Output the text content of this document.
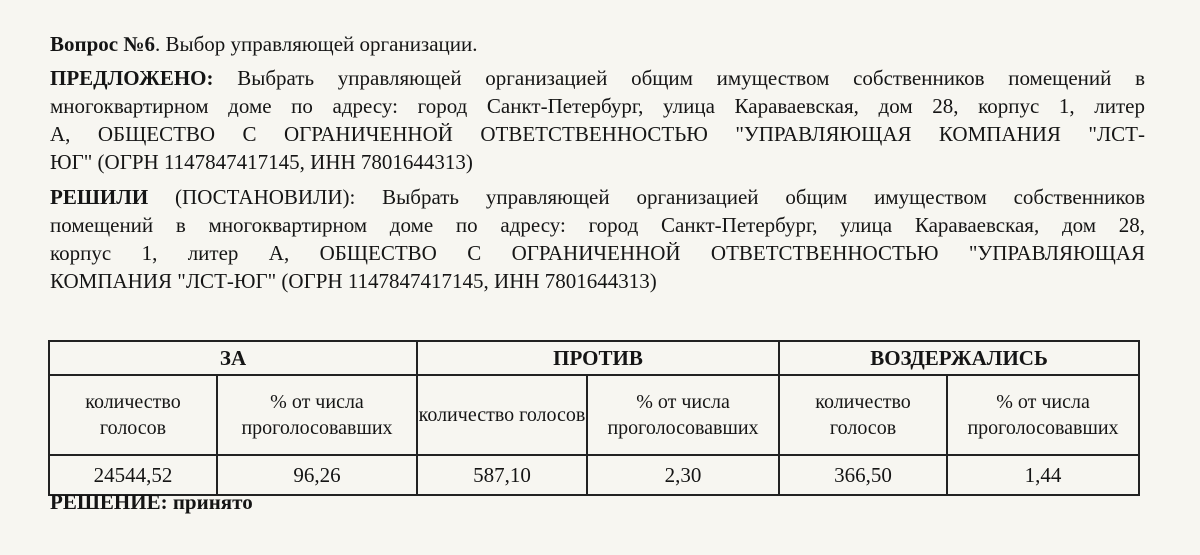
Вопрос №6. Выбор управляющей организации.

ПРЕДЛОЖЕНО: Выбрать управляющей организацией общим имуществом собственников помещений в

многоквартирном доме по адресу: город Санкт-Петербург, улица Караваевская, дом 28, корпус 1, литер

А, ОБЩЕСТВО С ОГРАНИЧЕННОЙ ОТВЕТСТВЕННОСТЬЮ "УПРАВЛЯЮЩАЯ КОМПАНИЯ "ЛСТ-

ЮГ" (ОГРН 1147847417145, ИНН 7801644313)

РЕШИЛИ (ПОСТАНОВИЛИ): Выбрать управляющей организацией общим имуществом собственников

помещений в многоквартирном доме по адресу: город Санкт-Петербург, улица Караваевская, дом 28,

корпус 1, литер А, ОБЩЕСТВО С ОГРАНИЧЕННОЙ ОТВЕТСТВЕННОСТЬЮ "УПРАВЛЯЮЩАЯ

КОМПАНИЯ "ЛСТ-ЮГ" (ОГРН 1147847417145, ИНН 7801644313)

ЗА		ПРОТИВ		ВОЗДЕРЖАЛИСЬ	
количество голосов	% от числа проголосовавших	количество голосов	% от числа проголосовавших	количество голосов	% от числа проголосовавших
24544,52	96,26	587,10	2,30	366,50	1,44
РЕШЕНИЕ: принято
